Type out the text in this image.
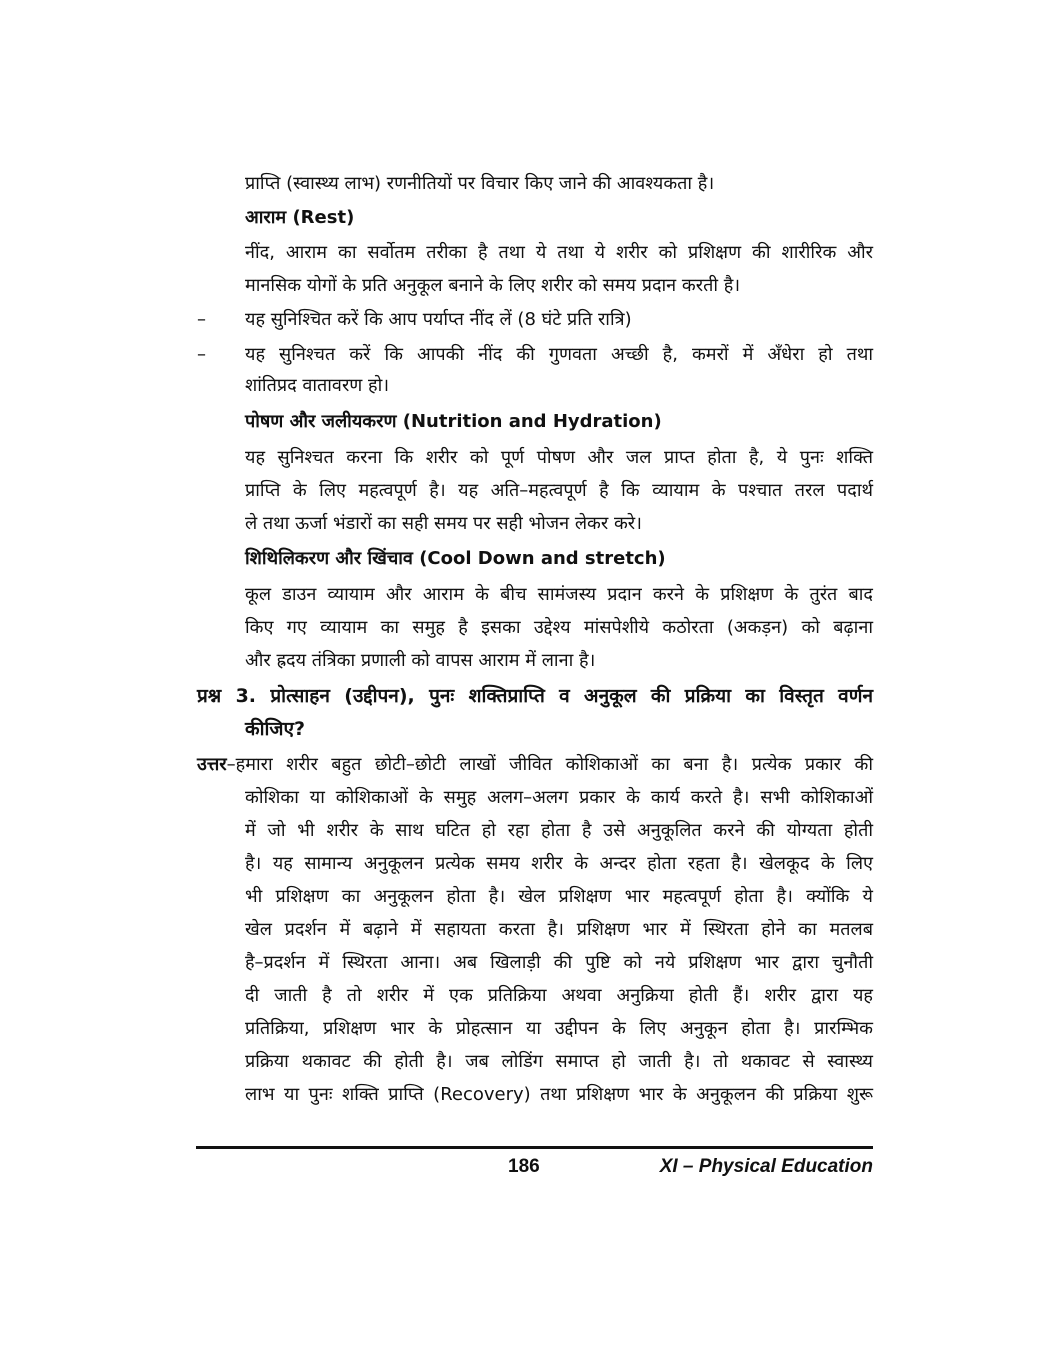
प्राप्ति (स्वास्थ्य लाभ) रणनीतियों पर विचार किए जाने की आवश्यकता है।
आराम (Rest)
नींद, आराम का सर्वोतम तरीका है तथा ये तथा ये शरीर को प्रशिक्षण की शारीरिक और
मानसिक योगों के प्रति अनुकूल बनाने के लिए शरीर को समय प्रदान करती है।
– यह सुनिश्चित करें कि आप पर्याप्त नींद लें (8 घंटे प्रति रात्रि)
– यह सुनिश्चत करें कि आपकी नींद की गुणवता अच्छी है, कमरों में अँधेरा हो तथा
शांतिप्रद वातावरण हो।
पोषण और जलीयकरण (Nutrition and Hydration)
यह सुनिश्चत करना कि शरीर को पूर्ण पोषण और जल प्राप्त होता है, ये पुनः शक्ति
प्राप्ति के लिए महत्वपूर्ण है। यह अति–महत्वपूर्ण है कि व्यायाम के पश्चात तरल पदार्थ
ले तथा ऊर्जा भंडारों का सही समय पर सही भोजन लेकर करे।
शिथिलिकरण और खिंचाव (Cool Down and stretch)
कूल डाउन व्यायाम और आराम के बीच सामंजस्य प्रदान करने के प्रशिक्षण के तुरंत बाद
किए गए व्यायाम का समुह है इसका उद्देश्य मांसपेशीये कठोरता (अकड़न) को बढ़ाना
और ह्रदय तंत्रिका प्रणाली को वापस आराम में लाना है।
प्रश्न 3. प्रोत्साहन (उद्दीपन), पुनः शक्तिप्राप्ति व अनुकूल की प्रक्रिया का विस्तृत वर्णन
कीजिए?
उत्तर–हमारा शरीर बहुत छोटी–छोटी लाखों जीवित कोशिकाओं का बना है। प्रत्येक प्रकार की
कोशिका या कोशिकाओं के समुह अलग–अलग प्रकार के कार्य करते है। सभी कोशिकाओं
में जो भी शरीर के साथ घटित हो रहा होता है उसे अनुकूलित करने की योग्यता होती
है। यह सामान्य अनुकूलन प्रत्येक समय शरीर के अन्दर होता रहता है। खेलकूद के लिए
भी प्रशिक्षण का अनुकूलन होता है। खेल प्रशिक्षण भार महत्वपूर्ण होता है। क्योंकि ये
खेल प्रदर्शन में बढ़ाने में सहायता करता है। प्रशिक्षण भार में स्थिरता होने का मतलब
है–प्रदर्शन में स्थिरता आना। अब खिलाड़ी की पुष्टि को नये प्रशिक्षण भार द्वारा चुनौती
दी जाती है तो शरीर में एक प्रतिक्रिया अथवा अनुक्रिया होती हैं। शरीर द्वारा यह
प्रतिक्रिया, प्रशिक्षण भार के प्रोहत्सान या उद्दीपन के लिए अनुकून होता है। प्रारम्भिक
प्रक्रिया थकावट की होती है। जब लोडिंग समाप्त हो जाती है। तो थकावट से स्वास्थ्य
लाभ या पुनः शक्ति प्राप्ति (Recovery) तथा प्रशिक्षण भार के अनुकूलन की प्रक्रिया शुरू
186	XI – Physical Education
